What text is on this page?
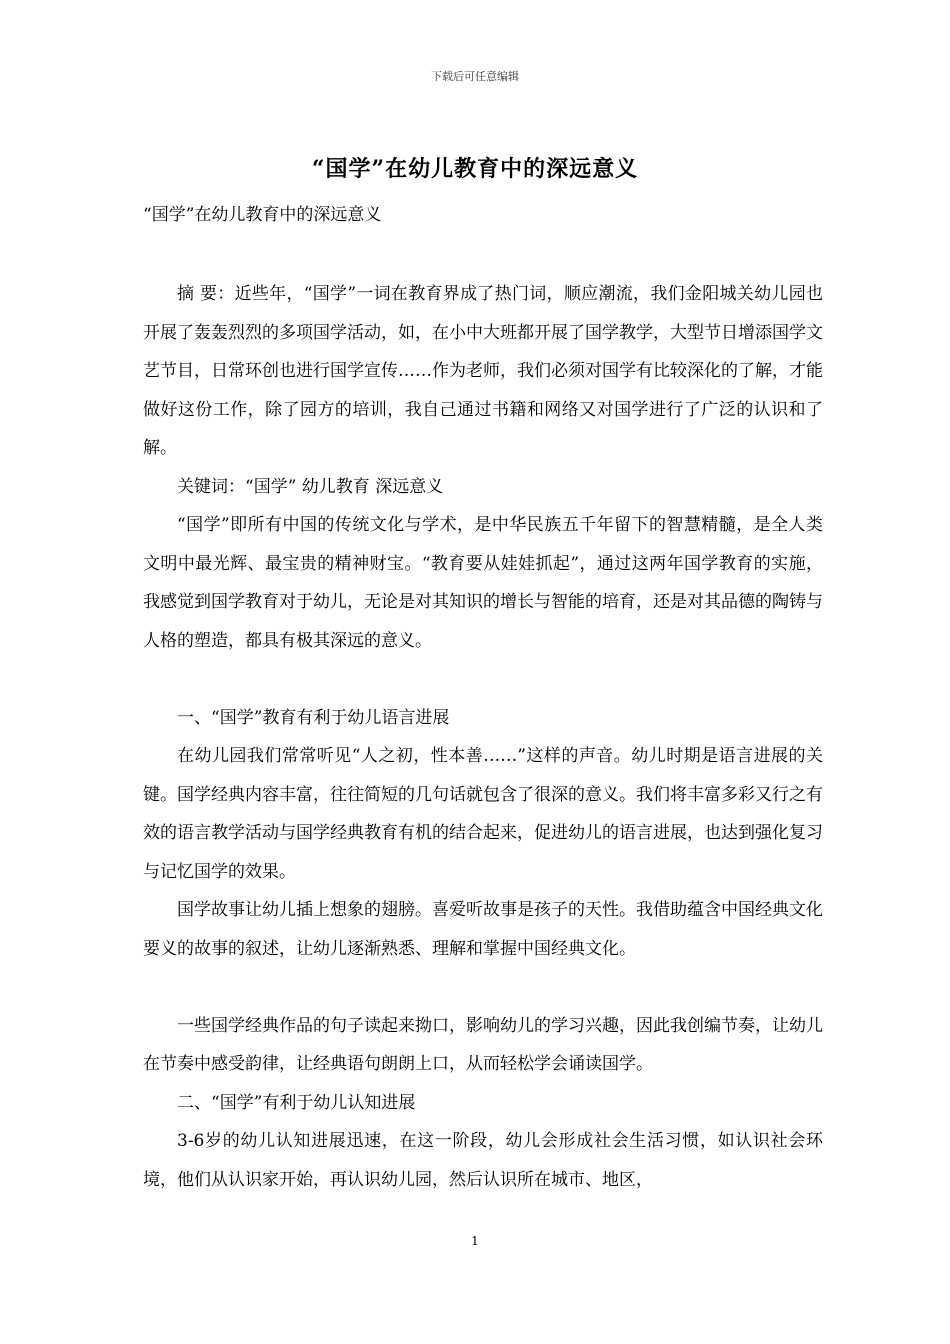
下载后可任意编辑
“国学”在幼儿教育中的深远意义
“国学”在幼儿教育中的深远意义

摘 要：近些年，“国学”一词在教育界成了热门词，顺应潮流，我们金阳城关幼儿园也开展了轰轰烈烈的多项国学活动，如，在小中大班都开展了国学教学，大型节日增添国学文艺节目，日常环创也进行国学宣传……作为老师，我们必须对国学有比较深化的了解，才能做好这份工作，除了园方的培训，我自己通过书籍和网络又对国学进行了广泛的认识和了解。

关键词：“国学” 幼儿教育 深远意义

“国学”即所有中国的传统文化与学术，是中华民族五千年留下的智慧精髓，是全人类文明中最光辉、最宝贵的精神财宝。“教育要从娃娃抓起”，通过这两年国学教育的实施，我感觉到国学教育对于幼儿，无论是对其知识的增长与智能的培育，还是对其品德的陶铸与人格的塑造，都具有极其深远的意义。

一、“国学”教育有利于幼儿语言进展

在幼儿园我们常常听见“人之初，性本善……”这样的声音。幼儿时期是语言进展的关键。国学经典内容丰富，往往简短的几句话就包含了很深的意义。我们将丰富多彩又行之有效的语言教学活动与国学经典教育有机的结合起来，促进幼儿的语言进展，也达到强化复习与记忆国学的效果。

国学故事让幼儿插上想象的翅膀。喜爱听故事是孩子的天性。我借助蕴含中国经典文化要义的故事的叙述，让幼儿逐渐熟悉、理解和掌握中国经典文化。

一些国学经典作品的句子读起来拗口，影响幼儿的学习兴趣，因此我创编节奏，让幼儿在节奏中感受韵律，让经典语句朗朗上口，从而轻松学会诵读国学。

二、“国学”有利于幼儿认知进展

3-6岁的幼儿认知进展迅速，在这一阶段，幼儿会形成社会生活习惯，如认识社会环境，他们从认识家开始，再认识幼儿园，然后认识所在城市、地区，

1
